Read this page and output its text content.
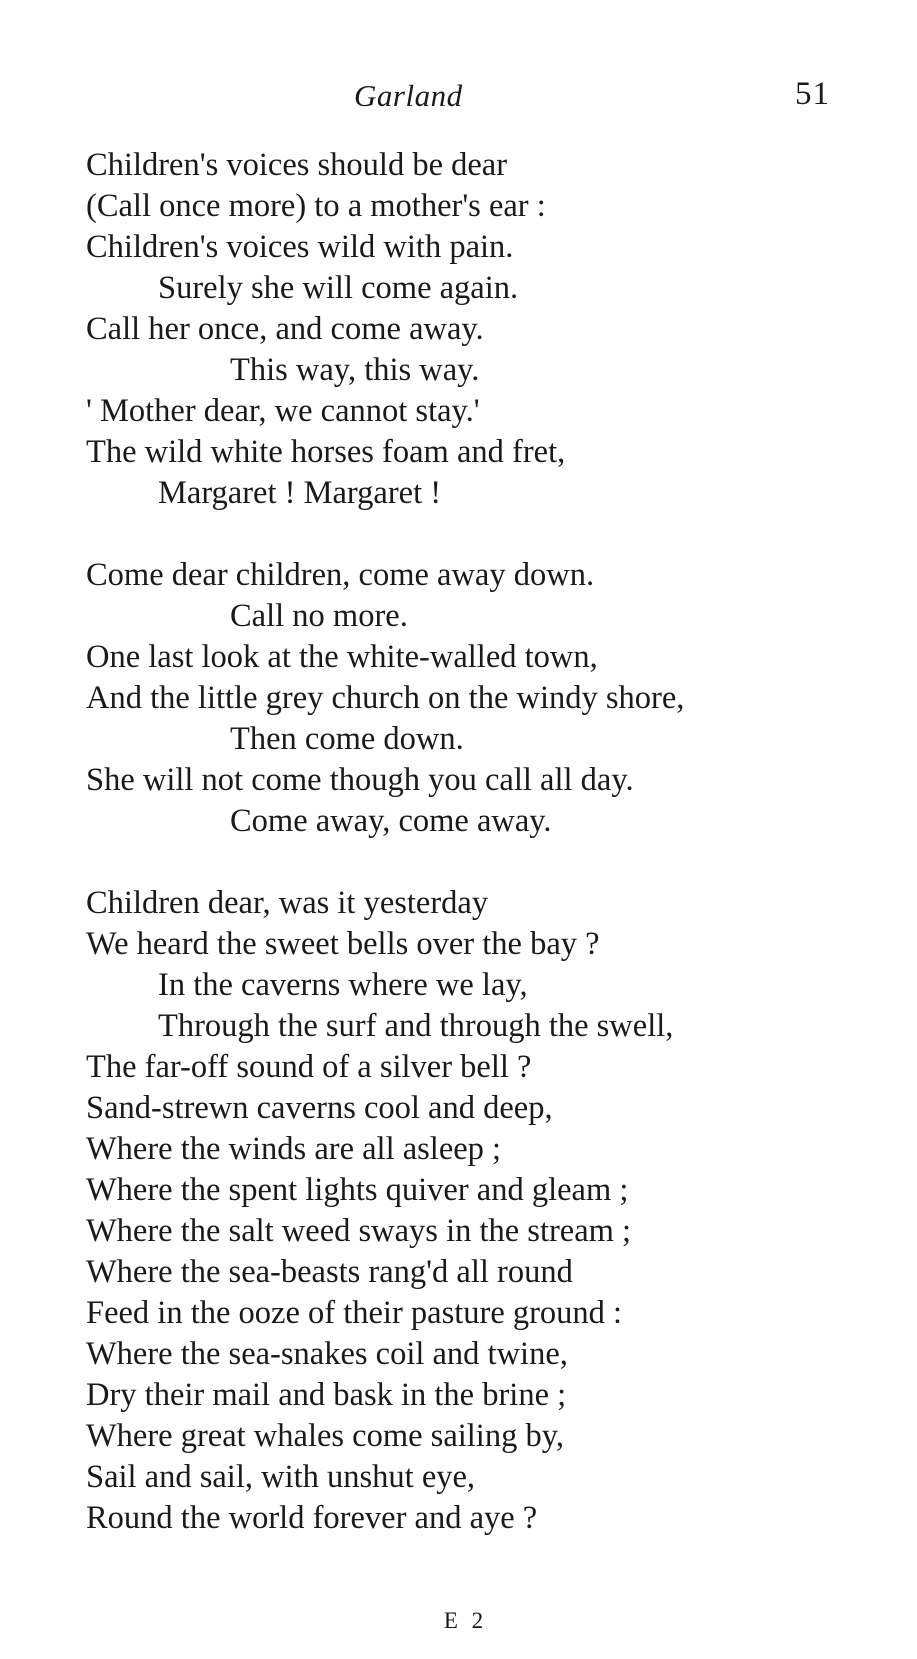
Garland	51
Children's voices should be dear
(Call once more) to a mother's ear :
Children's voices wild with pain.
Surely she will come again.
Call her once, and come away.
This way, this way.
' Mother dear, we cannot stay.'
The wild white horses foam and fret,
Margaret ! Margaret !
Come dear children, come away down.
Call no more.
One last look at the white-walled town,
And the little grey church on the windy shore,
Then come down.
She will not come though you call all day.
Come away, come away.
Children dear, was it yesterday
We heard the sweet bells over the bay ?
In the caverns where we lay,
Through the surf and through the swell,
The far-off sound of a silver bell ?
Sand-strewn caverns cool and deep,
Where the winds are all asleep ;
Where the spent lights quiver and gleam ;
Where the salt weed sways in the stream ;
Where the sea-beasts rang'd all round
Feed in the ooze of their pasture ground :
Where the sea-snakes coil and twine,
Dry their mail and bask in the brine ;
Where great whales come sailing by,
Sail and sail, with unshut eye,
Round the world forever and aye ?
E 2
